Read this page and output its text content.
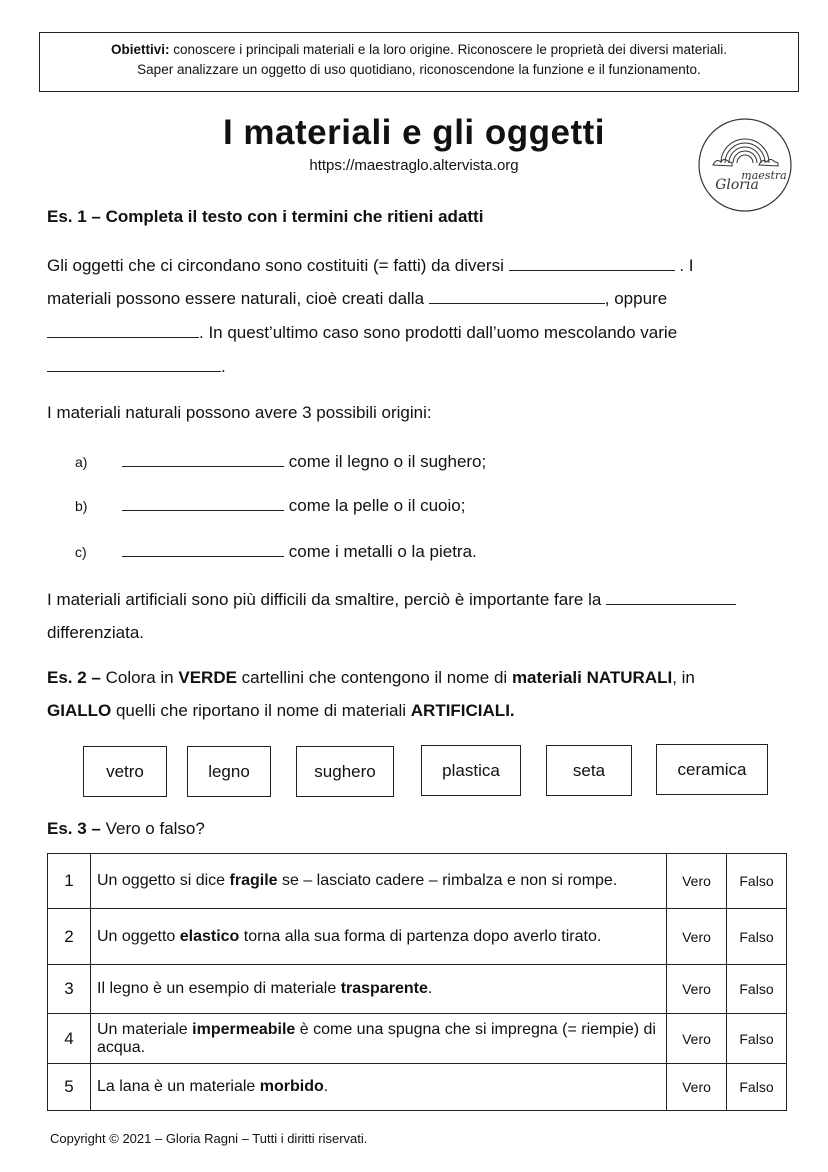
Obiettivi: conoscere i principali materiali e la loro origine. Riconoscere le proprietà dei diversi materiali.
Saper analizzare un oggetto di uso quotidiano, riconoscendone la funzione e il funzionamento.
I materiali e gli oggetti
https://maestraglo.altervista.org
maestra
Gloria
Es. 1 – Completa il testo con i termini che ritieni adatti
Gli oggetti che ci circondano sono costituiti (= fatti) da diversi	. I
materiali possono essere naturali, cioè creati dalla	, oppure
. In quest’ultimo caso sono prodotti dall’uomo mescolando varie
.
I materiali naturali possono avere 3 possibili origini:
a)	come il legno o il sughero;
b)	come la pelle o il cuoio;
c)	come i metalli o la pietra.
I materiali artificiali sono più difficili da smaltire, perciò è importante fare la
differenziata.
Es. 2 – Colora in VERDE cartellini che contengono il nome di materiali NATURALI, in
GIALLO quelli che riportano il nome di materiali ARTIFICIALI.
vetro	legno	sughero	plastica	seta	ceramica
Es. 3 – Vero o falso?
1	Un oggetto si dice fragile se – lasciato cadere – rimbalza e non si rompe.	Vero	Falso
2	Un oggetto elastico torna alla sua forma di partenza dopo averlo tirato.	Vero	Falso
3	Il legno è un esempio di materiale trasparente.	Vero	Falso
4	Un materiale impermeabile è come una spugna che si impregna (= riempie) di acqua.	Vero	Falso
5	La lana è un materiale morbido.	Vero	Falso
Copyright © 2021 – Gloria Ragni – Tutti i diritti riservati.
